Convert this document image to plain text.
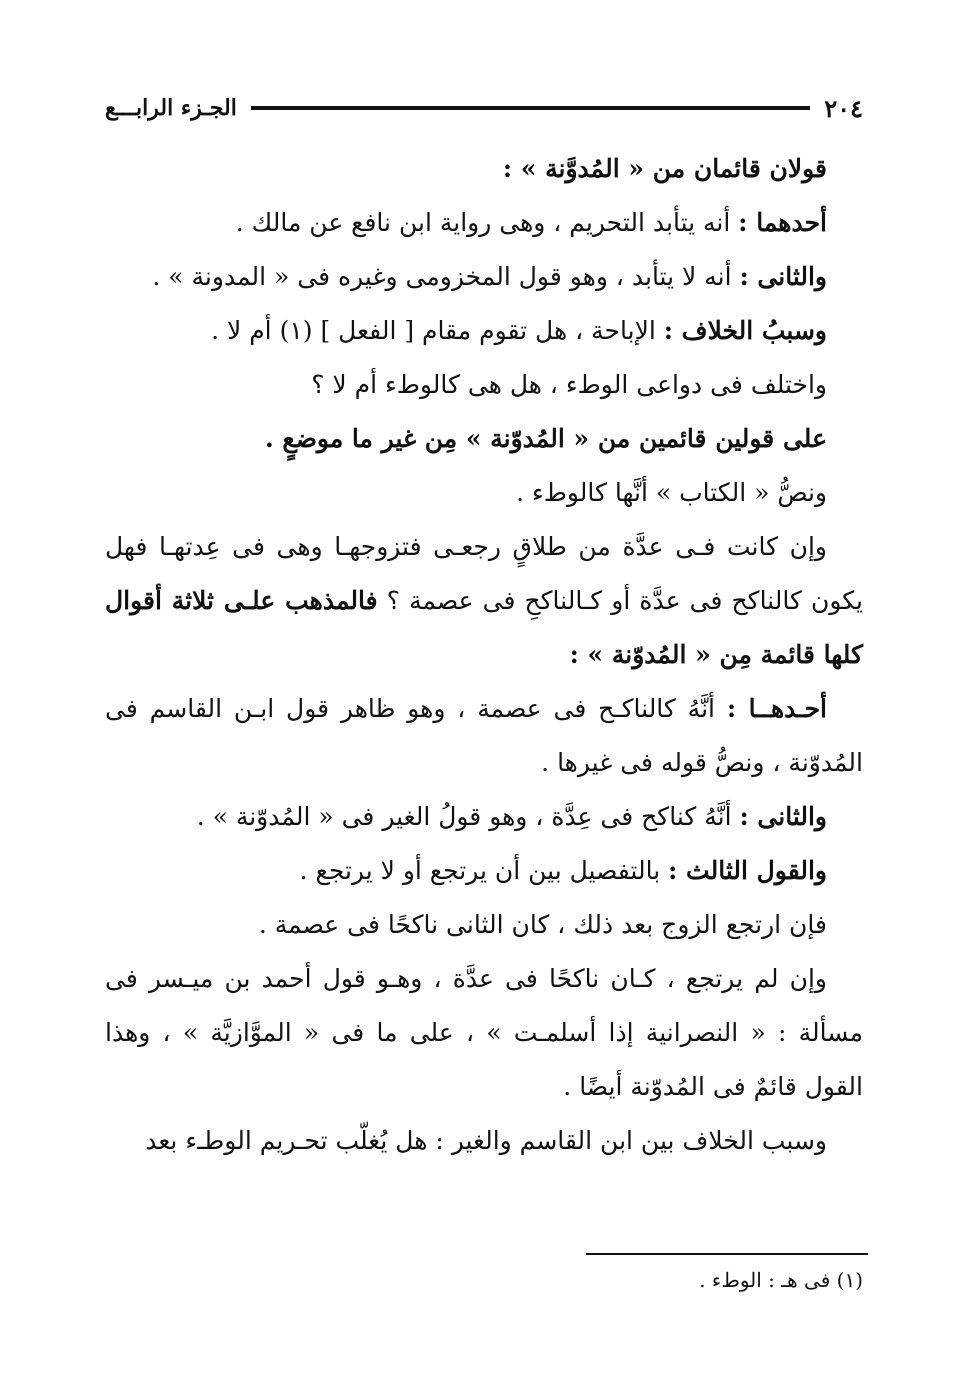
٢٠٤
الجـزء الرابـــع

قولان قائمان من « المُدوَّنة » :

أحدهما : أنه يتأبد التحريم ، وهى رواية ابن نافع عن مالك .

والثانى : أنه لا يتأبد ، وهو قول المخزومى وغيره فى « المدونة » .

وسببُ الخلاف : الإباحة ، هل تقوم مقام [ الفعل ] (١) أم لا .

واختلف فى دواعى الوطء ، هل هى كالوطء أم لا ؟

على قولين قائمين من « المُدوّنة » مِن غير ما موضعٍ .

ونصُّ « الكتاب » أنَّها كالوطء .

وإن كانت فـى عدَّة من طلاقٍ رجعـى فتزوجهـا وهى فى عِدتهـا فهل يكون كالناكح فى عدَّة أو كـالناكحِ فى عصمة ؟ فالمذهب علـى ثلاثة أقوال كلها قائمة مِن « المُدوّنة » :

أحـدهــا : أنَّهُ كالناكـح فى عصمة ، وهو ظاهر قول ابـن القاسم فى المُدوّنة ، ونصُّ قوله فى غيرها .

والثانى : أنَّهُ كناكح فى عِدَّة ، وهو قولُ الغير فى « المُدوّنة » .

والقول الثالث : بالتفصيل بين أن يرتجع أو لا يرتجع .

فإن ارتجع الزوج بعد ذلك ، كان الثانى ناكحًا فى عصمة .

وإن لم يرتجع ، كـان ناكحًا فى عدَّة ، وهـو قول أحمد بن ميـسر فى مسألة : « النصرانية إذا أسلمـت » ، على ما فى « الموَّازيَّة » ، وهذا القول قائمٌ فى المُدوّنة أيضًا .

وسبب الخلاف بين ابن القاسم والغير : هل يُغلّب تحـريم الوطـء بعد

(١) فى هـ : الوطء .
